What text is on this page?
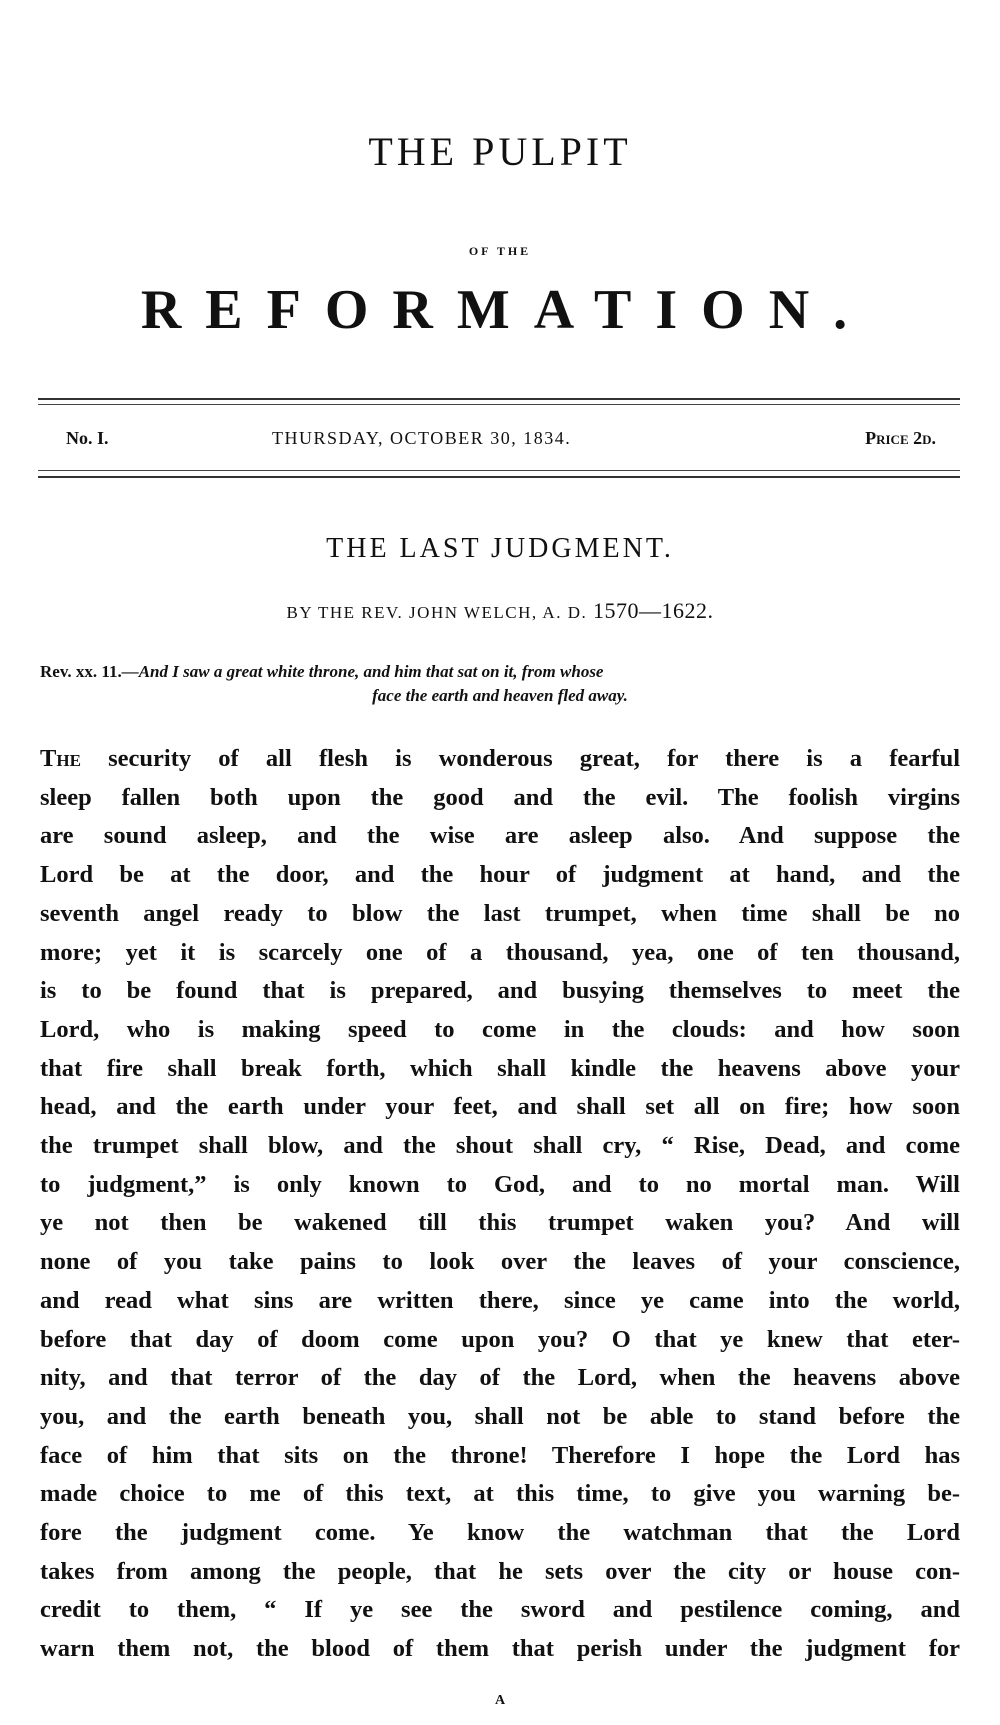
THE PULPIT
OF THE
REFORMATION.
No. I.	THURSDAY, OCTOBER 30, 1834.	Price 2d.
THE LAST JUDGMENT.
BY THE REV. JOHN WELCH, A. D. 1570—1622.
Rev. xx. 11.—And I saw a great white throne, and him that sat on it, from whose
face the earth and heaven fled away.
The security of all flesh is wonderous great, for there is a fearful
sleep fallen both upon the good and the evil. The foolish virgins
are sound asleep, and the wise are asleep also. And suppose the
Lord be at the door, and the hour of judgment at hand, and the
seventh angel ready to blow the last trumpet, when time shall be no
more; yet it is scarcely one of a thousand, yea, one of ten thousand,
is to be found that is prepared, and busying themselves to meet the
Lord, who is making speed to come in the clouds: and how soon
that fire shall break forth, which shall kindle the heavens above your
head, and the earth under your feet, and shall set all on fire; how soon
the trumpet shall blow, and the shout shall cry, “ Rise, Dead, and come
to judgment,” is only known to God, and to no mortal man. Will
ye not then be wakened till this trumpet waken you? And will
none of you take pains to look over the leaves of your conscience,
and read what sins are written there, since ye came into the world,
before that day of doom come upon you? O that ye knew that eter-
nity, and that terror of the day of the Lord, when the heavens above
you, and the earth beneath you, shall not be able to stand before the
face of him that sits on the throne! Therefore I hope the Lord has
made choice to me of this text, at this time, to give you warning be-
fore the judgment come. Ye know the watchman that the Lord
takes from among the people, that he sets over the city or house con-
credit to them, “ If ye see the sword and pestilence coming, and
warn them not, the blood of them that perish under the judgment for
A
